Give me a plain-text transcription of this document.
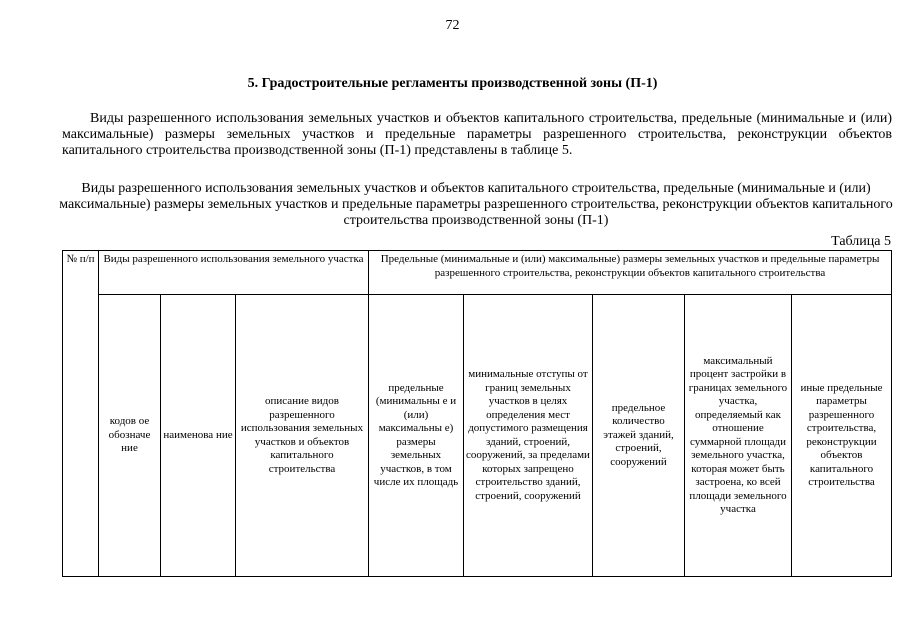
72
5. Градостроительные регламенты производственной зоны (П-1)

Виды разрешенного использования земельных участков и объектов капитального строительства, предельные (минимальные и (или) максимальные) размеры земельных участков и предельные параметры разрешенного строительства, реконструкции объектов капитального строительства производственной зоны (П-1) представлены в таблице 5.

Виды разрешенного использования земельных участков и объектов капитального строительства, предельные (минимальные и (или) максимальные) размеры земельных участков и предельные параметры разрешенного строительства, реконструкции объектов капитального строительства производственной зоны (П-1)

Таблица 5
№ п/п	Виды разрешенного использования земельного участка			Предельные (минимальные и (или) максимальные) размеры земельных участков и предельные параметры разрешенного строительства, реконструкции объектов капитального строительства				
	кодов ое обозначе ние	наименова ние	описание видов разрешенного использования земельных участков и объектов капитального строительства	предельные (минимальны е и (или) максимальны е) размеры земельных участков, в том числе их площадь	минимальные отступы от границ земельных участков в целях определения мест допустимого размещения зданий, строений, сооружений, за пределами которых запрещено строительство зданий, строений, сооружений	предельное количество этажей зданий, строений, сооружений	максимальный процент застройки в границах земельного участка, определяемый как отношение суммарной площади земельного участка, которая может быть застроена, ко всей площади земельного участка	иные предельные параметры разрешенного строительства, реконструкции объектов капитального строительства
